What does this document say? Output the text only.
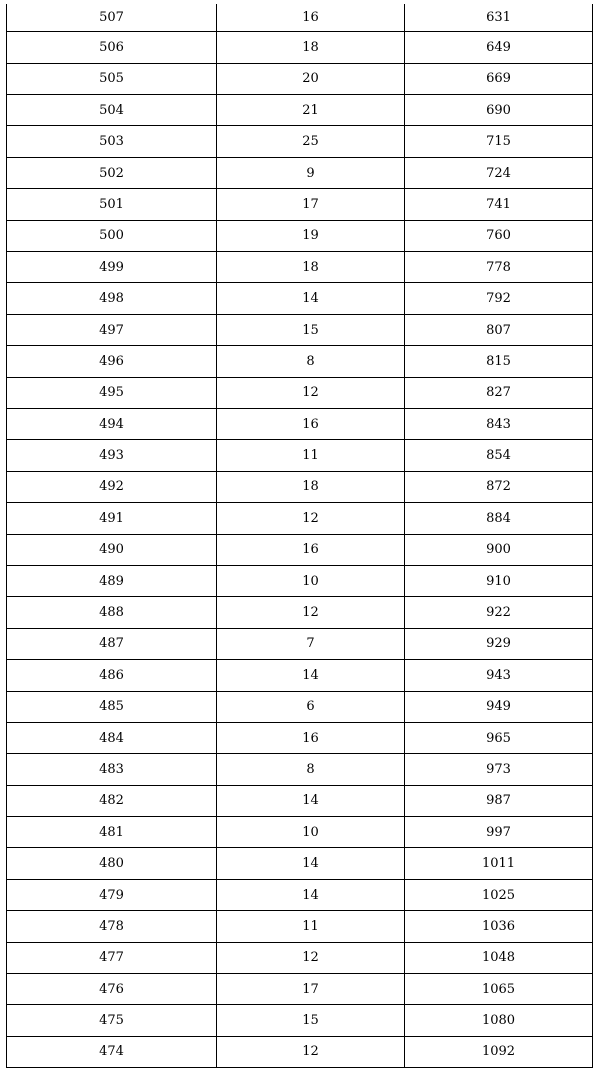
507	16	631
506	18	649
505	20	669
504	21	690
503	25	715
502	9	724
501	17	741
500	19	760
499	18	778
498	14	792
497	15	807
496	8	815
495	12	827
494	16	843
493	11	854
492	18	872
491	12	884
490	16	900
489	10	910
488	12	922
487	7	929
486	14	943
485	6	949
484	16	965
483	8	973
482	14	987
481	10	997
480	14	1011
479	14	1025
478	11	1036
477	12	1048
476	17	1065
475	15	1080
474	12	1092
